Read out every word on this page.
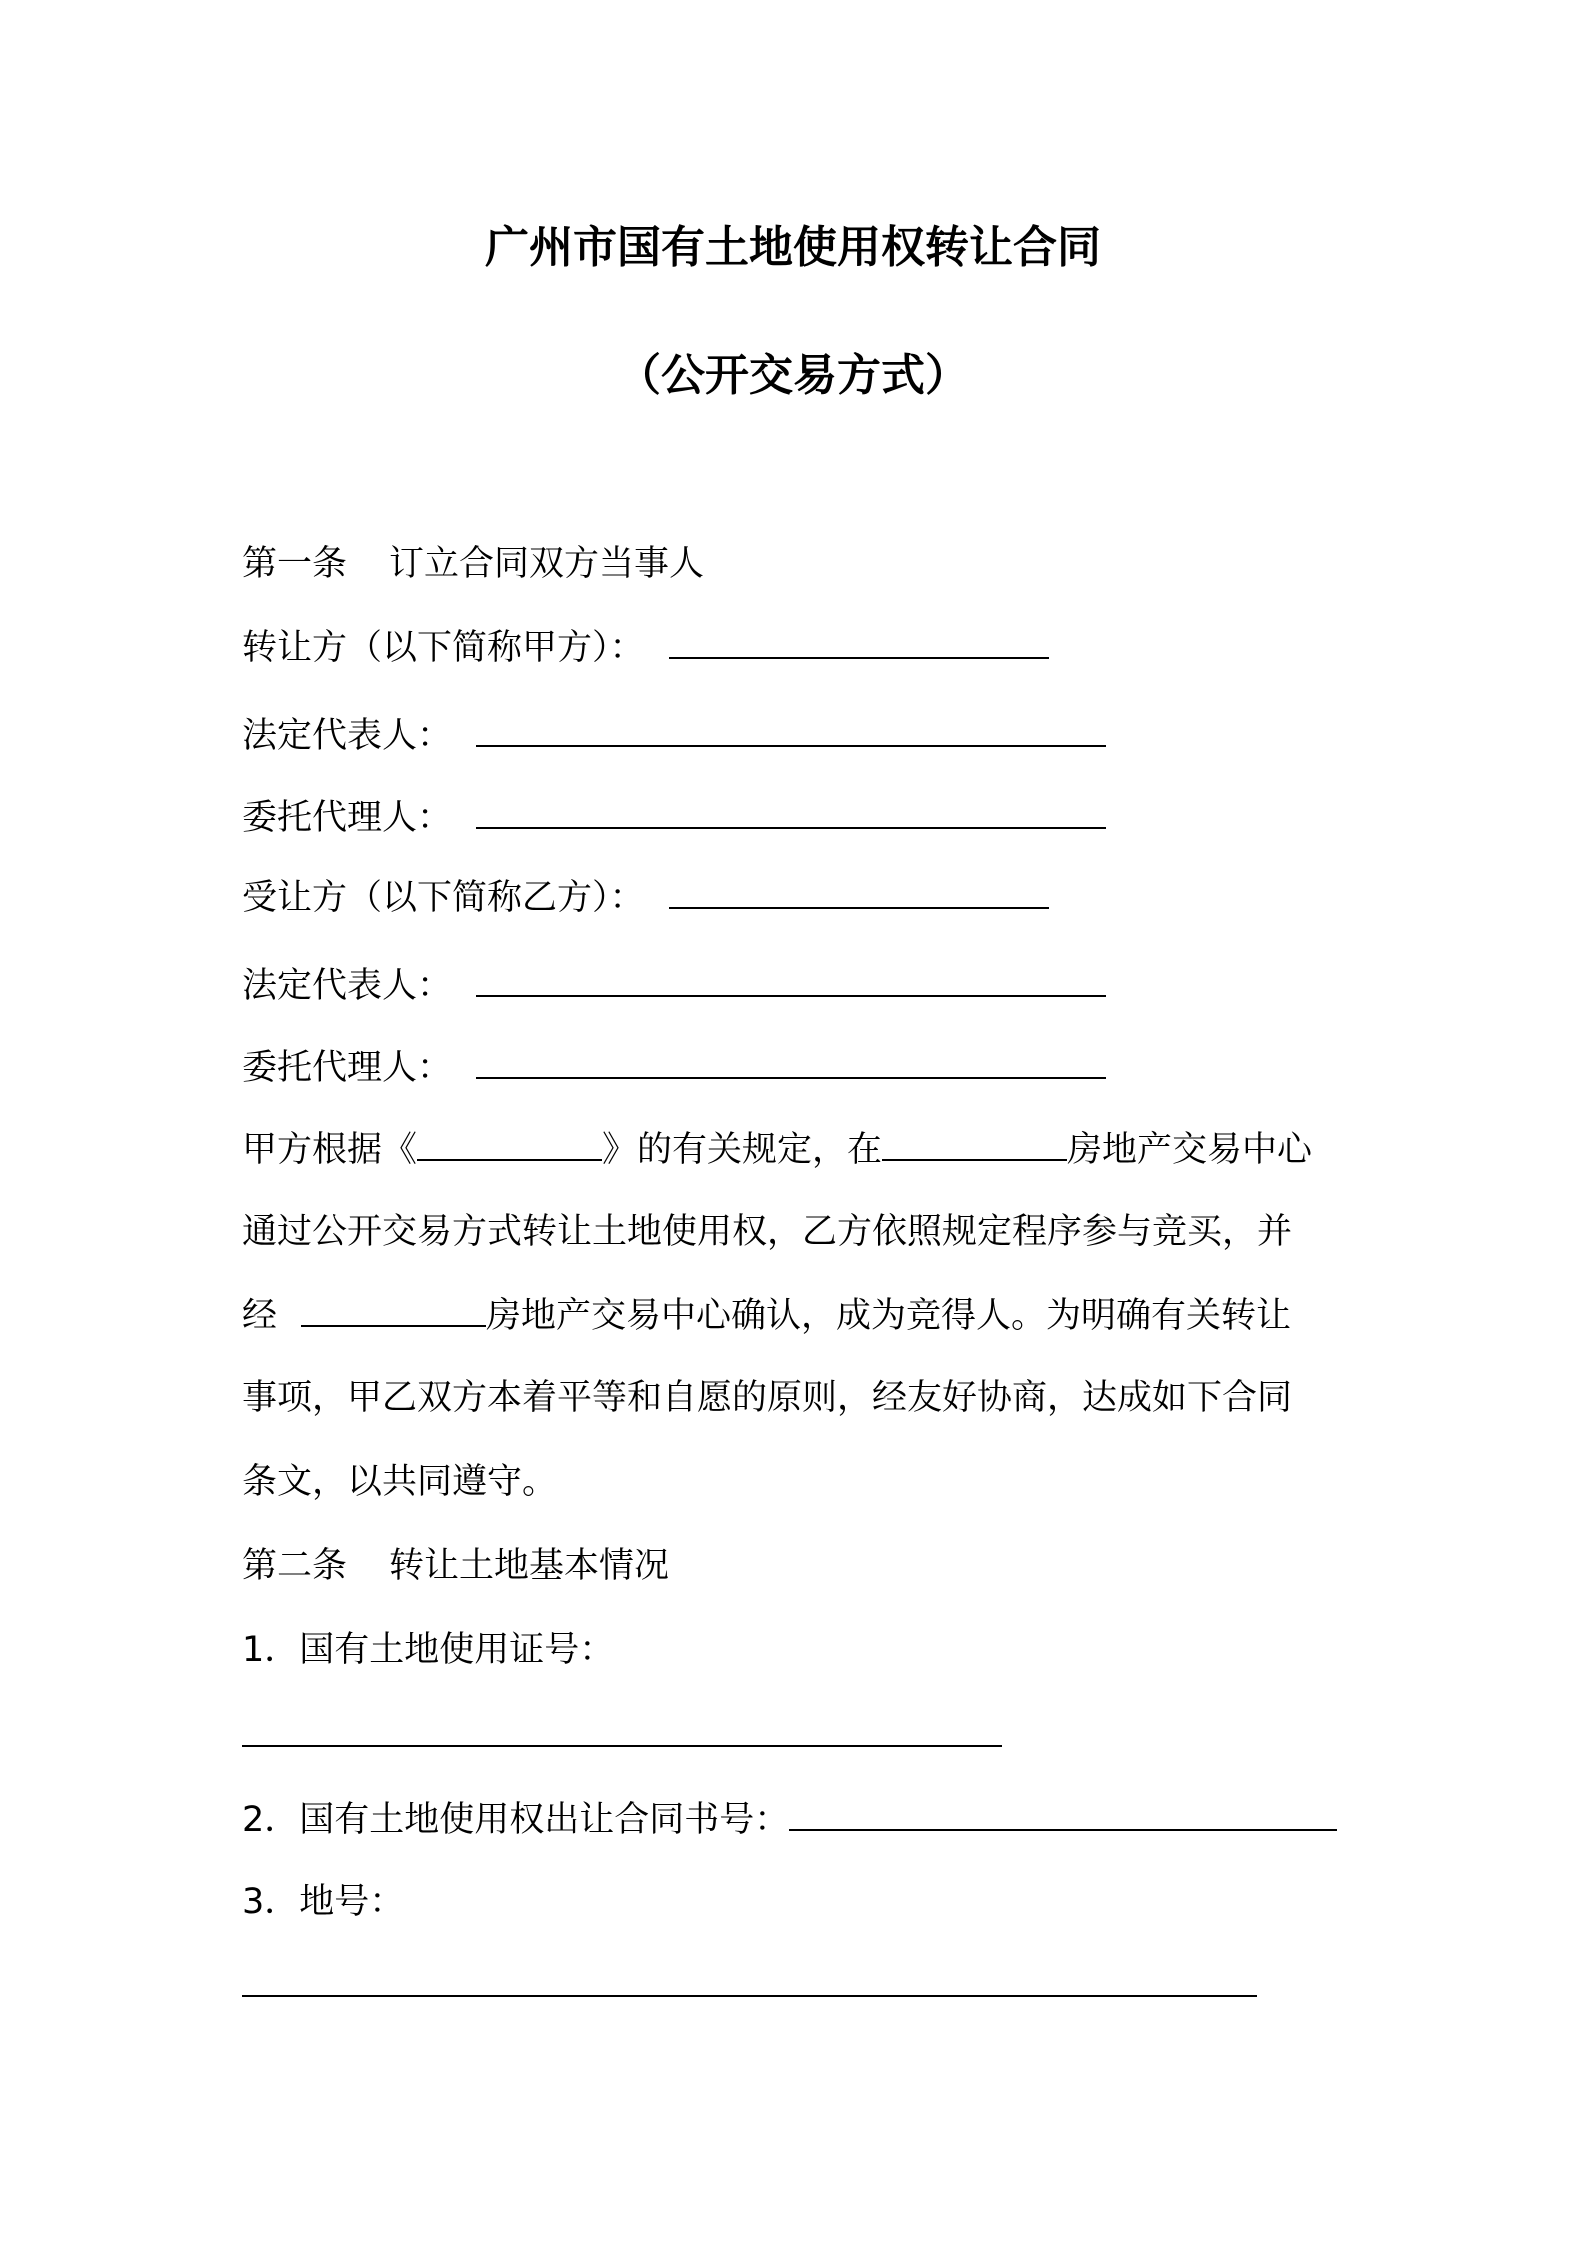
广州市国有土地使用权转让合同
（公开交易方式）

第一条 订立合同双方当事人

转让方（以下简称甲方）：

法定代表人：

委托代理人：

受让方（以下简称乙方）：

法定代表人：

委托代理人：

甲方根据《	》的有关规定，在	房地产交易中心

通过公开交易方式转让土地使用权，乙方依照规定程序参与竞买，并

经	房地产交易中心确认，成为竞得人。为明确有关转让

事项，甲乙双方本着平等和自愿的原则，经友好协商，达成如下合同

条文，以共同遵守。

第二条 转让土地基本情况

1．国有土地使用证号：

2．国有土地使用权出让合同书号：

3．地号：
